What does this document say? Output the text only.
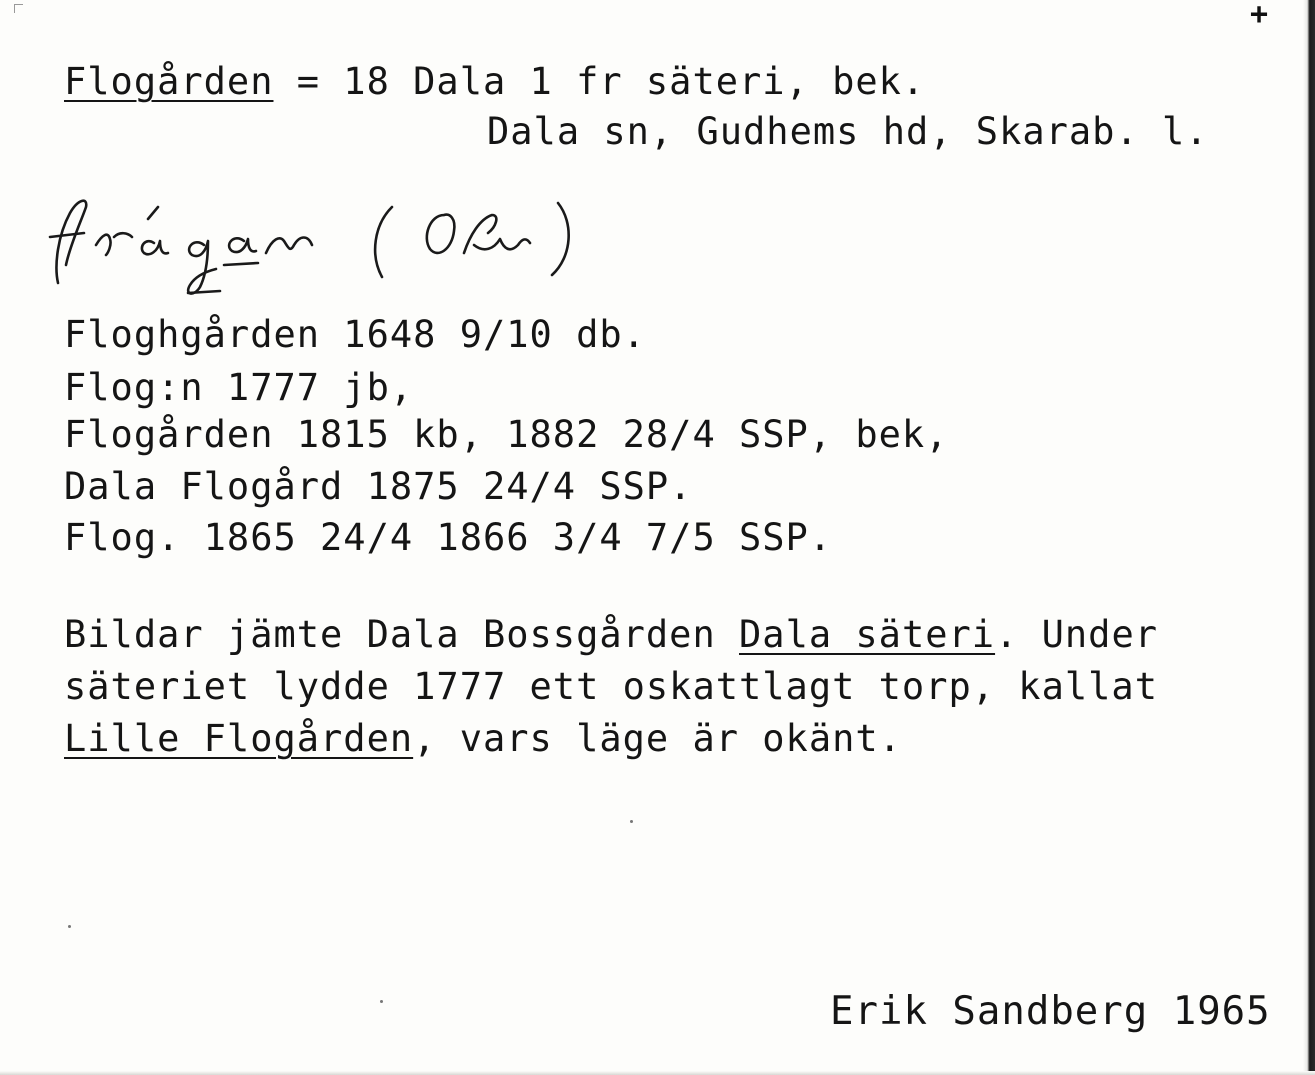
+
Flogården = 18 Dala 1 fr säteri, bek.
Dala sn, Gudhems hd, Skarab. l.
Floghgården 1648 9/10 db.
Flog:n 1777 jb,
Flogården 1815 kb, 1882 28/4 SSP, bek,
Dala Flogård 1875 24/4 SSP.
Flog. 1865 24/4 1866 3/4 7/5 SSP.
Bildar jämte Dala Bossgården Dala säteri. Under
säteriet lydde 1777 ett oskattlagt torp, kallat
Lille Flogården, vars läge är okänt.
Erik Sandberg 1965
